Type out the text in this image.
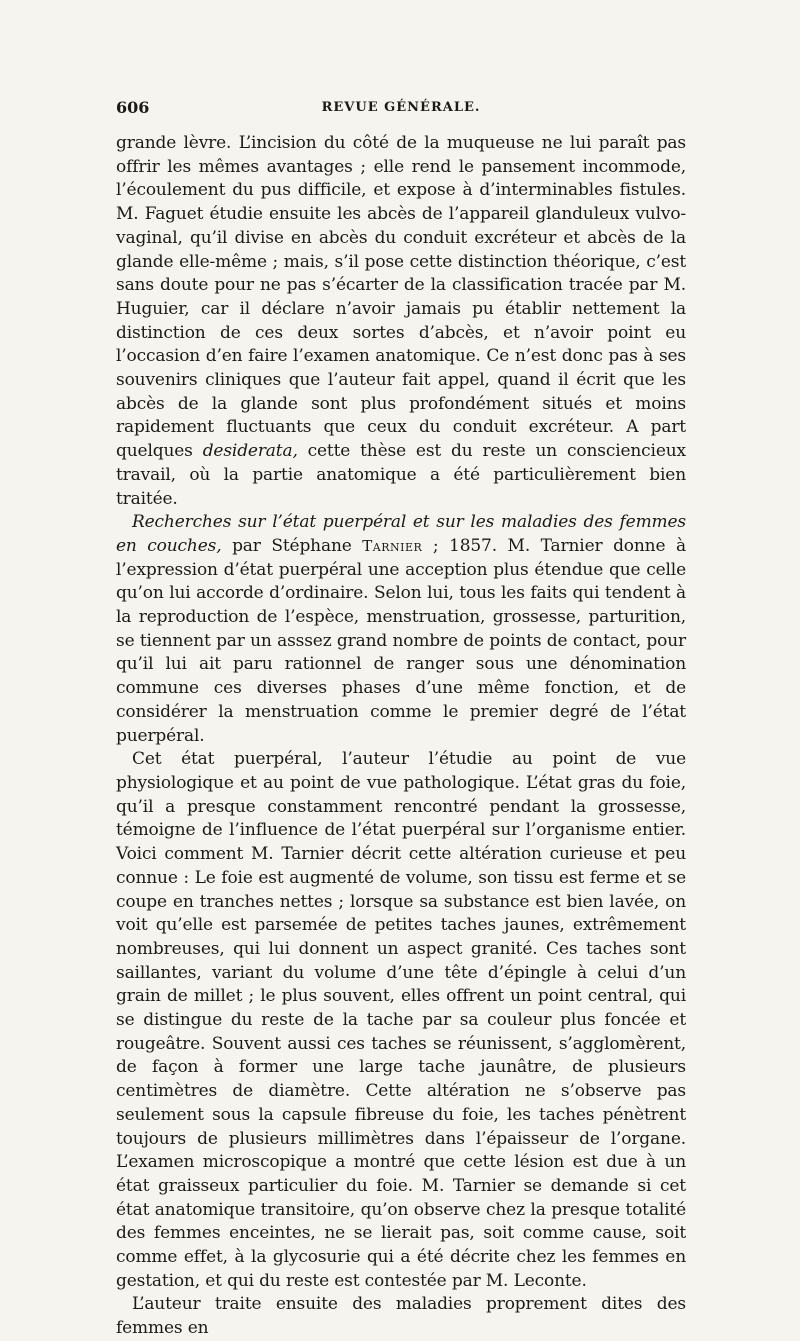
606	REVUE GÉNÉRALE.

grande lèvre. L’incision du côté de la muqueuse ne lui paraît pas offrir les mêmes avantages ; elle rend le pansement incommode, l’écoulement du pus difficile, et expose à d’interminables fistules. M. Faguet étudie ensuite les abcès de l’appareil glanduleux vulvo-vaginal, qu’il divise en abcès du conduit excréteur et abcès de la glande elle-même ; mais, s’il pose cette distinction théorique, c’est sans doute pour ne pas s’écarter de la classification tracée par M. Huguier, car il déclare n’avoir jamais pu établir nettement la distinction de ces deux sortes d’abcès, et n’avoir point eu l’occasion d’en faire l’examen anatomique. Ce n’est donc pas à ses souvenirs cliniques que l’auteur fait appel, quand il écrit que les abcès de la glande sont plus profondément situés et moins rapidement fluctuants que ceux du conduit excréteur. A part quelques desiderata, cette thèse est du reste un consciencieux travail, où la partie anatomique a été particulièrement bien traitée.

Recherches sur l’état puerpéral et sur les maladies des femmes en couches, par Stéphane Tarnier ; 1857. M. Tarnier donne à l’expression d’état puerpéral une acception plus étendue que celle qu’on lui accorde d’ordinaire. Selon lui, tous les faits qui tendent à la reproduction de l’espèce, menstruation, grossesse, parturition, se tiennent par un asssez grand nombre de points de contact, pour qu’il lui ait paru rationnel de ranger sous une dénomination commune ces diverses phases d’une même fonction, et de considérer la menstruation comme le premier degré de l’état puerpéral.

Cet état puerpéral, l’auteur l’étudie au point de vue physiologique et au point de vue pathologique. L’état gras du foie, qu’il a presque constamment rencontré pendant la grossesse, témoigne de l’influence de l’état puerpéral sur l’organisme entier. Voici comment M. Tarnier décrit cette altération curieuse et peu connue : Le foie est augmenté de volume, son tissu est ferme et se coupe en tranches nettes ; lorsque sa substance est bien lavée, on voit qu’elle est parsemée de petites taches jaunes, extrêmement nombreuses, qui lui donnent un aspect granité. Ces taches sont saillantes, variant du volume d’une tête d’épingle à celui d’un grain de millet ; le plus souvent, elles offrent un point central, qui se distingue du reste de la tache par sa couleur plus foncée et rougeâtre. Souvent aussi ces taches se réunissent, s’agglomèrent, de façon à former une large tache jaunâtre, de plusieurs centimètres de diamètre. Cette altération ne s’observe pas seulement sous la capsule fibreuse du foie, les taches pénètrent toujours de plusieurs millimètres dans l’épaisseur de l’organe. L’examen microscopique a montré que cette lésion est due à un état graisseux particulier du foie. M. Tarnier se demande si cet état anatomique transitoire, qu’on observe chez la presque totalité des femmes enceintes, ne se lierait pas, soit comme cause, soit comme effet, à la glycosurie qui a été décrite chez les femmes en gestation, et qui du reste est contestée par M. Leconte.

L’auteur traite ensuite des maladies proprement dites des femmes en
